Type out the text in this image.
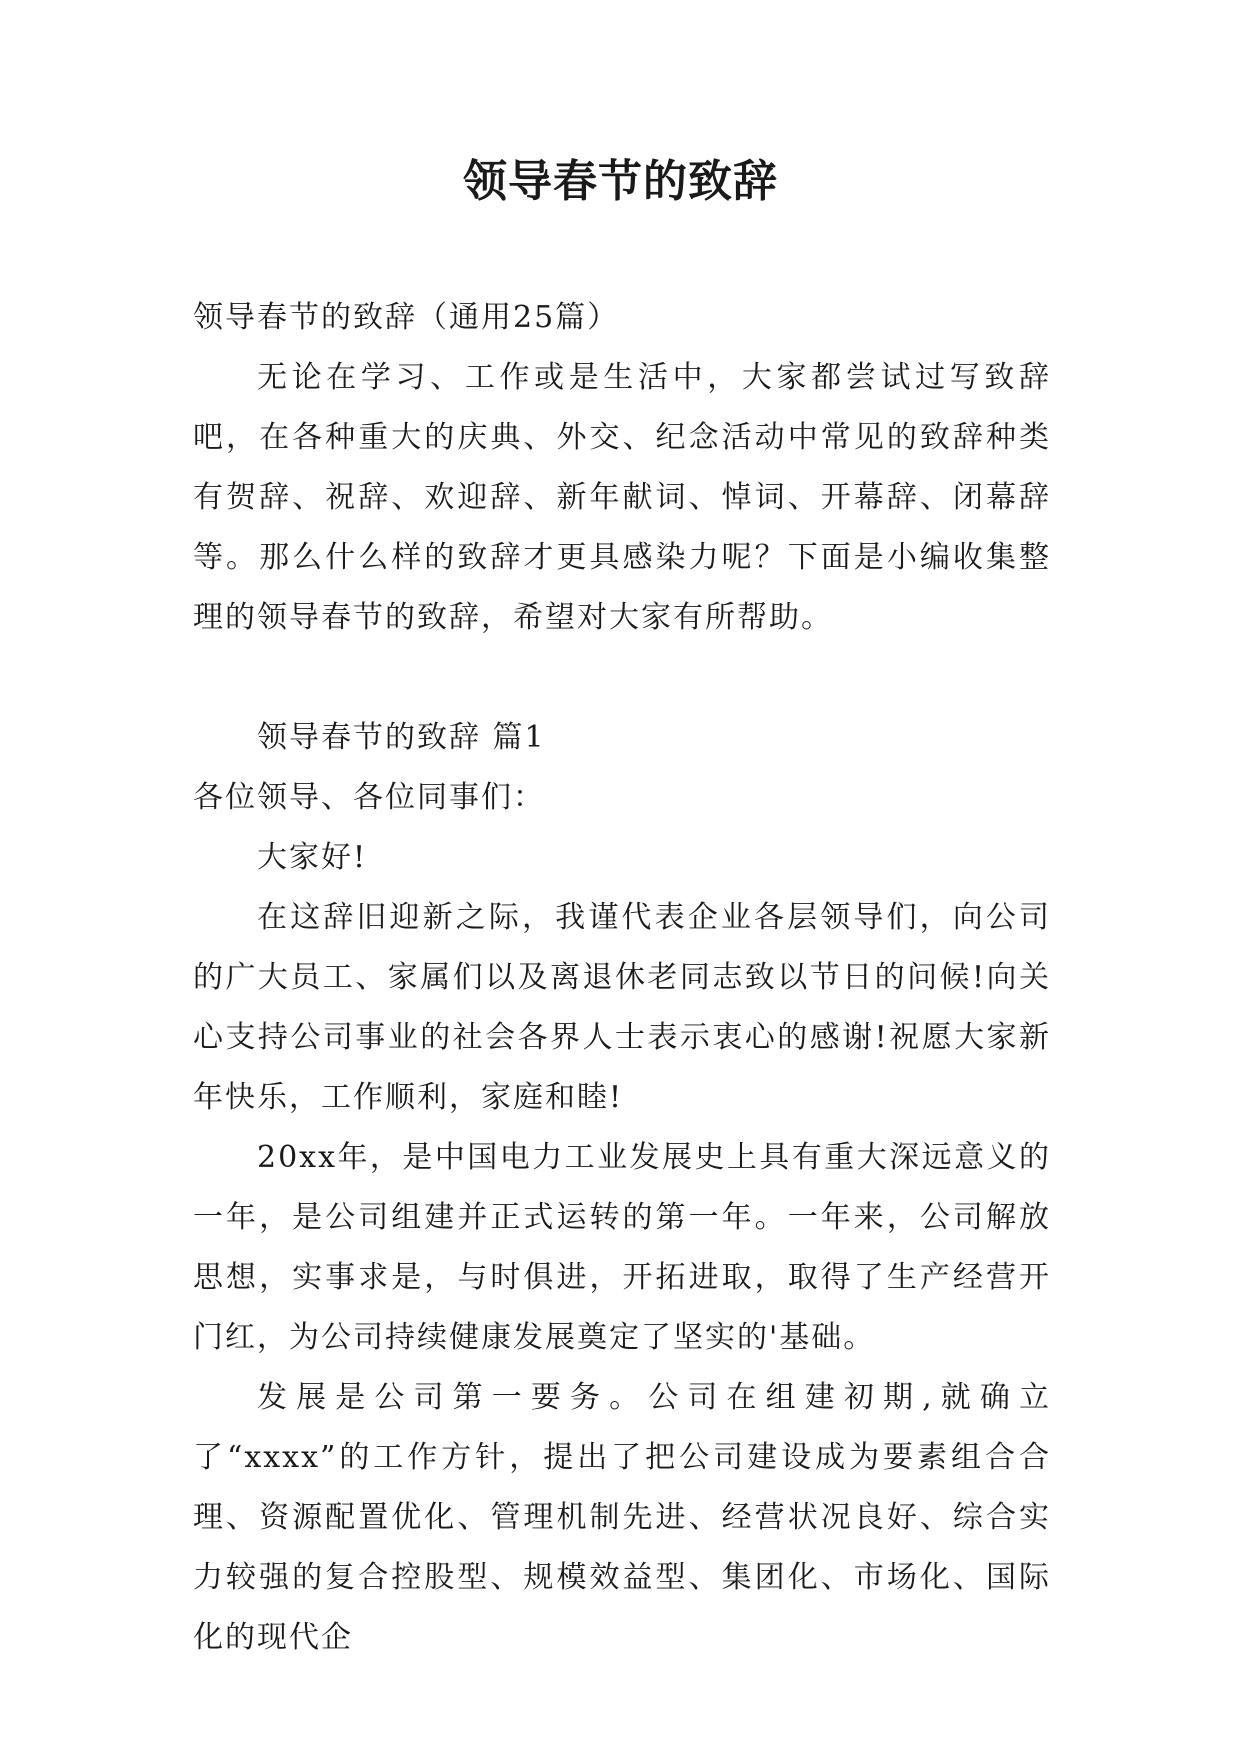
领导春节的致辞

领导春节的致辞（通用25篇）

无论在学习、工作或是生活中，大家都尝试过写致辞吧，在各种重大的庆典、外交、纪念活动中常见的致辞种类有贺辞、祝辞、欢迎辞、新年献词、悼词、开幕辞、闭幕辞等。那么什么样的致辞才更具感染力呢？下面是小编收集整理的领导春节的致辞，希望对大家有所帮助。

领导春节的致辞 篇1

各位领导、各位同事们：

大家好!

在这辞旧迎新之际，我谨代表企业各层领导们，向公司的广大员工、家属们以及离退休老同志致以节日的问候!向关心支持公司事业的社会各界人士表示衷心的感谢!祝愿大家新年快乐，工作顺利，家庭和睦!

20xx年，是中国电力工业发展史上具有重大深远意义的一年，是公司组建并正式运转的第一年。一年来，公司解放思想，实事求是，与时俱进，开拓进取，取得了生产经营开门红，为公司持续健康发展奠定了坚实的'基础。

发展是公司第一要务。公司在组建初期,就确立了“xxxx”的工作方针，提出了把公司建设成为要素组合合理、资源配置优化、管理机制先进、经营状况良好、综合实力较强的复合控股型、规模效益型、集团化、市场化、国际化的现代企
